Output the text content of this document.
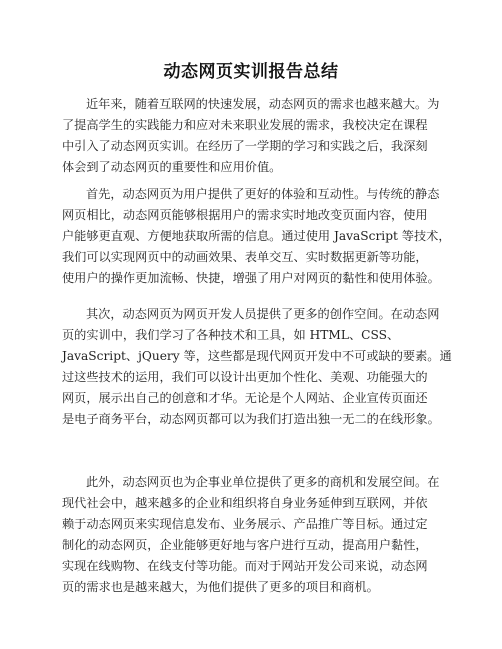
动态网页实训报告总结
近年来，随着互联网的快速发展，动态网页的需求也越来越大。为
了提高学生的实践能力和应对未来职业发展的需求，我校决定在课程
中引入了动态网页实训。在经历了一学期的学习和实践之后，我深刻
体会到了动态网页的重要性和应用价值。
首先，动态网页为用户提供了更好的体验和互动性。与传统的静态
网页相比，动态网页能够根据用户的需求实时地改变页面内容，使用
户能够更直观、方便地获取所需的信息。通过使用 JavaScript 等技术，
我们可以实现网页中的动画效果、表单交互、实时数据更新等功能，
使用户的操作更加流畅、快捷，增强了用户对网页的黏性和使用体验。
其次，动态网页为网页开发人员提供了更多的创作空间。在动态网
页的实训中，我们学习了各种技术和工具，如 HTML、CSS、
JavaScript、jQuery 等，这些都是现代网页开发中不可或缺的要素。通
过这些技术的运用，我们可以设计出更加个性化、美观、功能强大的
网页，展示出自己的创意和才华。无论是个人网站、企业宣传页面还
是电子商务平台，动态网页都可以为我们打造出独一无二的在线形象。
此外，动态网页也为企事业单位提供了更多的商机和发展空间。在
现代社会中，越来越多的企业和组织将自身业务延伸到互联网，并依
赖于动态网页来实现信息发布、业务展示、产品推广等目标。通过定
制化的动态网页，企业能够更好地与客户进行互动，提高用户黏性，
实现在线购物、在线支付等功能。而对于网站开发公司来说，动态网
页的需求也是越来越大，为他们提供了更多的项目和商机。
